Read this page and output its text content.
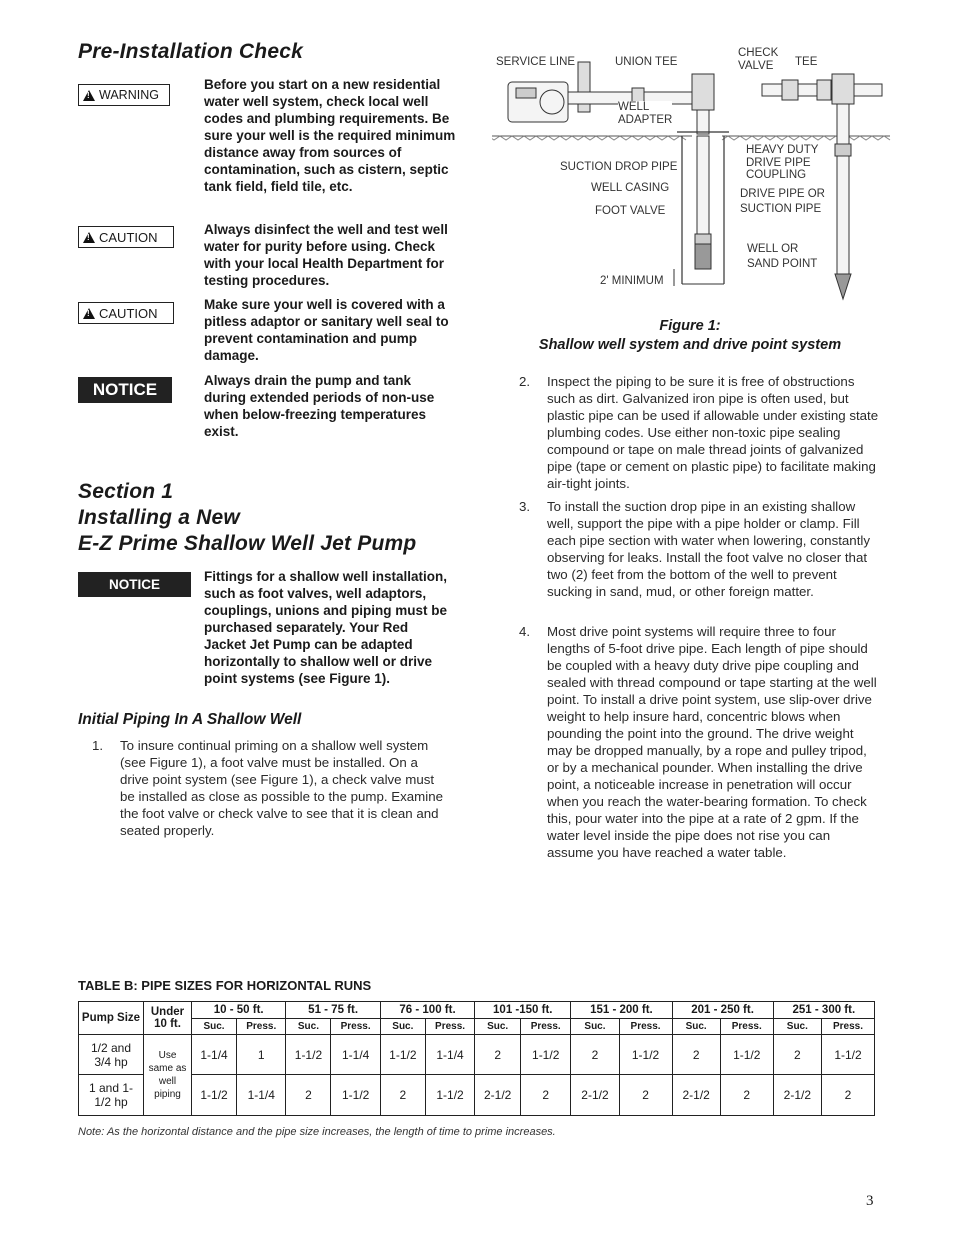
Pre-Installation Check
!
WARNING
Before you start on a new residential water well system, check local well codes and plumbing requirements. Be sure your well is the required minimum distance away from sources of contamination, such as cistern, septic tank field, field tile, etc.
!
CAUTION	Always disinfect the well and test well water for purity before using. Check with your local Health Department for testing procedures.
!
CAUTION
Make sure your well is covered with a pitless adaptor or sanitary well seal to prevent contamination and pump damage.
NOTICE	Always drain the pump and tank during extended periods of non-use when below-freezing temperatures exist.
Section 1
Installing a New
E-Z Prime Shallow Well Jet Pump
NOTICE
Fittings for a shallow well installation, such as foot valves, well adaptors, couplings, unions and piping must be purchased separately. Your Red Jacket Jet Pump can be adapted horizontally to shallow well or drive point systems (see Figure 1).
Initial Piping In A Shallow Well
1. To insure continual priming on a shallow well system (see Figure 1), a foot valve must be installed. On a drive point system (see Figure 1), a check valve must be installed as close as possible to the pump. Examine the foot valve or check valve to see that it is clean and seated properly.
SERVICE LINE	UNION TEE
CHECK
VALVE	TEE
WELL
ADAPTER
HEAVY DUTY
DRIVE PIPE
COUPLING
SUCTION DROP PIPE
WELL CASING	DRIVE PIPE OR
SUCTION PIPE
FOOT VALVE
WELL OR
SAND POINT
2' MINIMUM
Figure 1:
Shallow well system and drive point system
2. Inspect the piping to be sure it is free of obstructions such as dirt. Galvanized iron pipe is often used, but plastic pipe can be used if allowable under existing state plumbing codes. Use either non-toxic pipe sealing compound or tape on male thread joints of galvanized pipe (tape or cement on plastic pipe) to facilitate making air-tight joints.
3. To install the suction drop pipe in an existing shallow well, support the pipe with a pipe holder or clamp. Fill each pipe section with water when lowering, constantly observing for leaks. Install the foot valve no closer that two (2) feet from the bottom of the well to prevent sucking in sand, mud, or other foreign matter.
4. Most drive point systems will require three to four lengths of 5-foot drive pipe. Each length of pipe should be coupled with a heavy duty drive pipe coupling and sealed with thread compound or tape starting at the well point. To install a drive point system, use slip-over drive weight to help insure hard, concentric blows when pounding the point into the ground. The drive weight may be dropped manually, by a rope and pulley tripod, or by a mechanical pounder. When installing the drive point, a noticeable increase in penetration will occur when you reach the water-bearing formation. To check this, pour water into the pipe at a rate of 2 gpm. If the water level inside the pipe does not rise you can assume you have reached a water table.
TABLE B: PIPE SIZES FOR HORIZONTAL RUNS
Pump Size	Under 10 ft.	10 - 50 ft.		51 - 75 ft.		76 - 100 ft.		101 -150 ft.		151 - 200 ft.		201 - 250 ft.		251 - 300 ft.	
		Suc.	Press.	Suc.	Press.	Suc.	Press.	Suc.	Press.	Suc.	Press.	Suc.	Press.	Suc.	Press.
1/2 and 3/4 hp	Use same as well piping	1-1/4	1	1-1/2	1-1/4	1-1/2	1-1/4	2	1-1/2	2	1-1/2	2	1-1/2	2	1-1/2
1 and 1-1/2 hp		1-1/2	1-1/4	2	1-1/2	2	1-1/2	2-1/2	2	2-1/2	2	2-1/2	2	2-1/2	2
Note: As the horizontal distance and the pipe size increases, the length of time to prime increases.
3
